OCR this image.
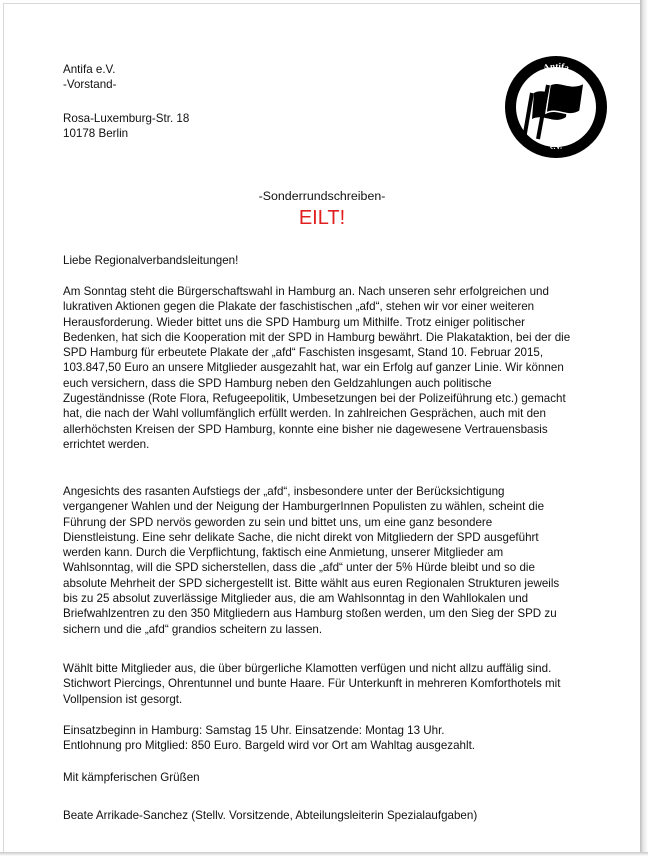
Antifa e.V.
-Vorstand-
Rosa-Luxemburg-Str. 18
10178 Berlin
Antifa
e.V.
-Sonderrundschreiben-
EILT!
Liebe Regionalverbandsleitungen!
Am Sonntag steht die Bürgerschaftswahl in Hamburg an. Nach unseren sehr erfolgreichen und
lukrativen Aktionen gegen die Plakate der faschistischen „afd“, stehen wir vor einer weiteren
Herausforderung. Wieder bittet uns die SPD Hamburg um Mithilfe. Trotz einiger politischer
Bedenken, hat sich die Kooperation mit der SPD in Hamburg bewährt. Die Plakataktion, bei der die
SPD Hamburg für erbeutete Plakate der „afd“ Faschisten insgesamt, Stand 10. Februar 2015,
103.847,50 Euro an unsere Mitglieder ausgezahlt hat, war ein Erfolg auf ganzer Linie. Wir können
euch versichern, dass die SPD Hamburg neben den Geldzahlungen auch politische
Zugeständnisse (Rote Flora, Refugeepolitik, Umbesetzungen bei der Polizeiführung etc.) gemacht
hat, die nach der Wahl vollumfänglich erfüllt werden. In zahlreichen Gesprächen, auch mit den
allerhöchsten Kreisen der SPD Hamburg, konnte eine bisher nie dagewesene Vertrauensbasis
errichtet werden.
Angesichts des rasanten Aufstiegs der „afd“, insbesondere unter der Berücksichtigung
vergangener Wahlen und der Neigung der HamburgerInnen Populisten zu wählen, scheint die
Führung der SPD nervös geworden zu sein und bittet uns, um eine ganz besondere
Dienstleistung. Eine sehr delikate Sache, die nicht direkt von Mitgliedern der SPD ausgeführt
werden kann. Durch die Verpflichtung, faktisch eine Anmietung, unserer Mitglieder am
Wahlsonntag, will die SPD sicherstellen, dass die „afd“ unter der 5% Hürde bleibt und so die
absolute Mehrheit der SPD sichergestellt ist. Bitte wählt aus euren Regionalen Strukturen jeweils
bis zu 25 absolut zuverlässige Mitglieder aus, die am Wahlsonntag in den Wahllokalen und
Briefwahlzentren zu den 350 Mitgliedern aus Hamburg stoßen werden, um den Sieg der SPD zu
sichern und die „afd“ grandios scheitern zu lassen.
Wählt bitte Mitglieder aus, die über bürgerliche Klamotten verfügen und nicht allzu auffälig sind.
Stichwort Piercings, Ohrentunnel und bunte Haare. Für Unterkunft in mehreren Komforthotels mit
Vollpension ist gesorgt.
Einsatzbeginn in Hamburg: Samstag 15 Uhr. Einsatzende: Montag 13 Uhr.
Entlohnung pro Mitglied: 850 Euro. Bargeld wird vor Ort am Wahltag ausgezahlt.
Mit kämpferischen Grüßen
Beate Arrikade-Sanchez (Stellv. Vorsitzende, Abteilungsleiterin Spezialaufgaben)
